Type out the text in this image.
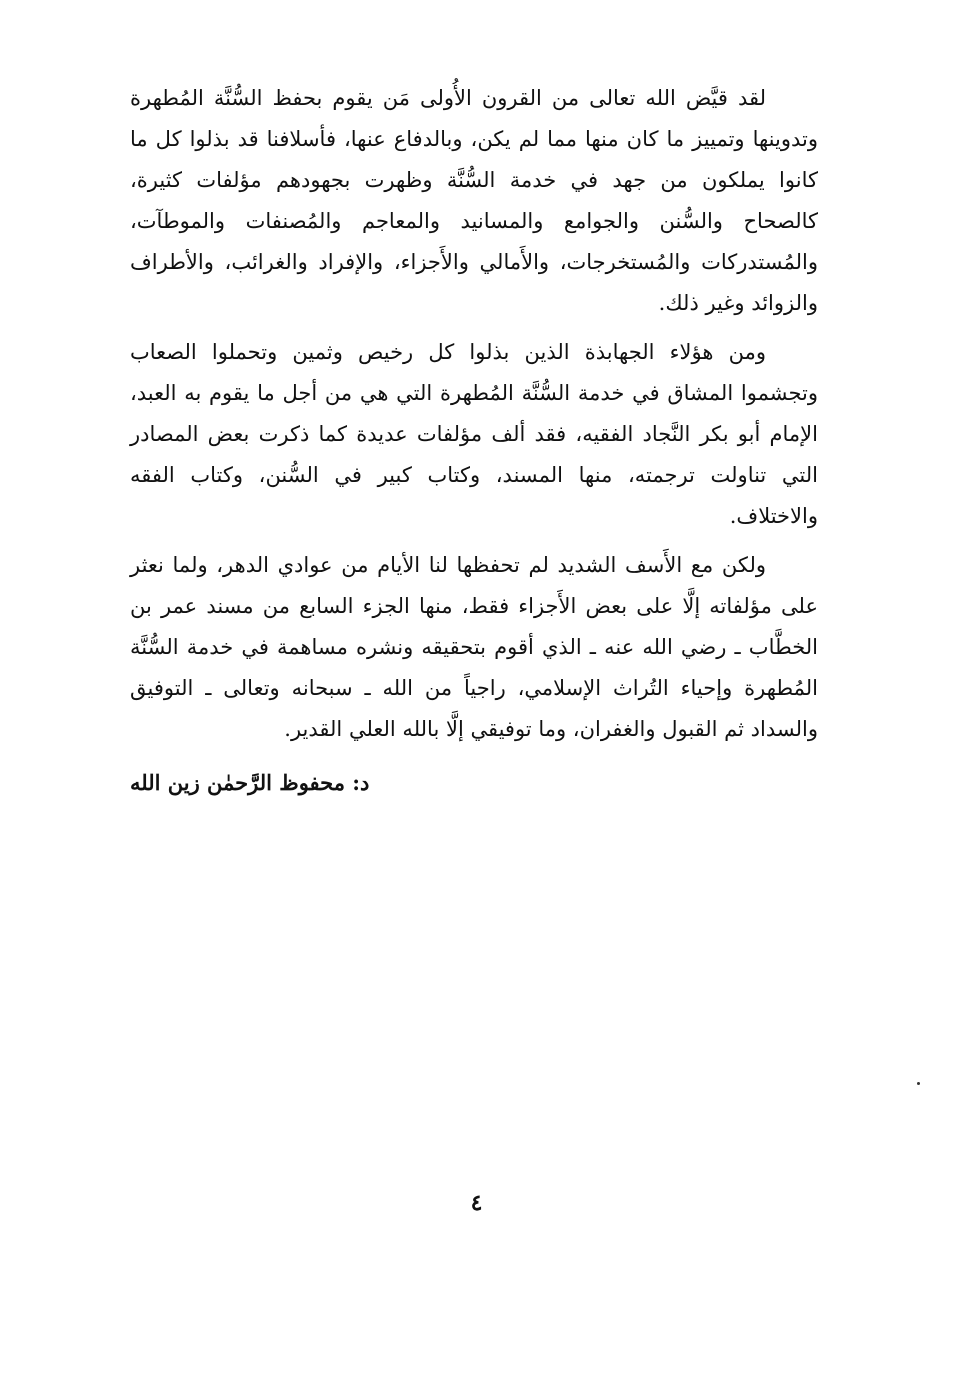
لقد قيَّض الله تعالى من القرون الأُولى مَن يقوم بحفظ السُّنَّة المُطهرة وتدوينها وتمييز ما كان منها مما لم يكن، وبالدفاع عنها، فأسلافنا قد بذلوا كل ما كانوا يملكون من جهد في خدمة السُّنَّة وظهرت بجهودهم مؤلفات كثيرة، كالصحاح والسُّنن والجوامع والمسانيد والمعاجم والمُصنفات والموطآت، والمُستدركات والمُستخرجات، والأَمالي والأَجزاء، والإفراد والغرائب، والأطراف والزوائد وغير ذلك.

ومن هؤلاء الجهابذة الذين بذلوا كل رخيص وثمين وتحملوا الصعاب وتجشموا المشاق في خدمة السُّنَّة المُطهرة التي هي من أجل ما يقوم به العبد، الإمام أبو بكر النَّجاد الفقيه، فقد ألف مؤلفات عديدة كما ذكرت بعض المصادر التي تناولت ترجمته، منها المسند، وكتاب كبير في السُّنن، وكتاب الفقه والاختلاف.

ولكن مع الأَسف الشديد لم تحفظها لنا الأيام من عوادي الدهر، ولما نعثر على مؤلفاته إلَّا على بعض الأَجزاء فقط، منها الجزء السابع من مسند عمر بن الخطَّاب ـ رضي الله عنه ـ الذي أقوم بتحقيقه ونشره مساهمة في خدمة السُّنَّة المُطهرة وإحياء التُراث الإسلامي، راجياً من الله ـ سبحانه وتعالى ـ التوفيق والسداد ثم القبول والغفران، وما توفيقي إلَّا بالله العلي القدير.

د: محفوظ الرَّحمٰن زين الله
٤
